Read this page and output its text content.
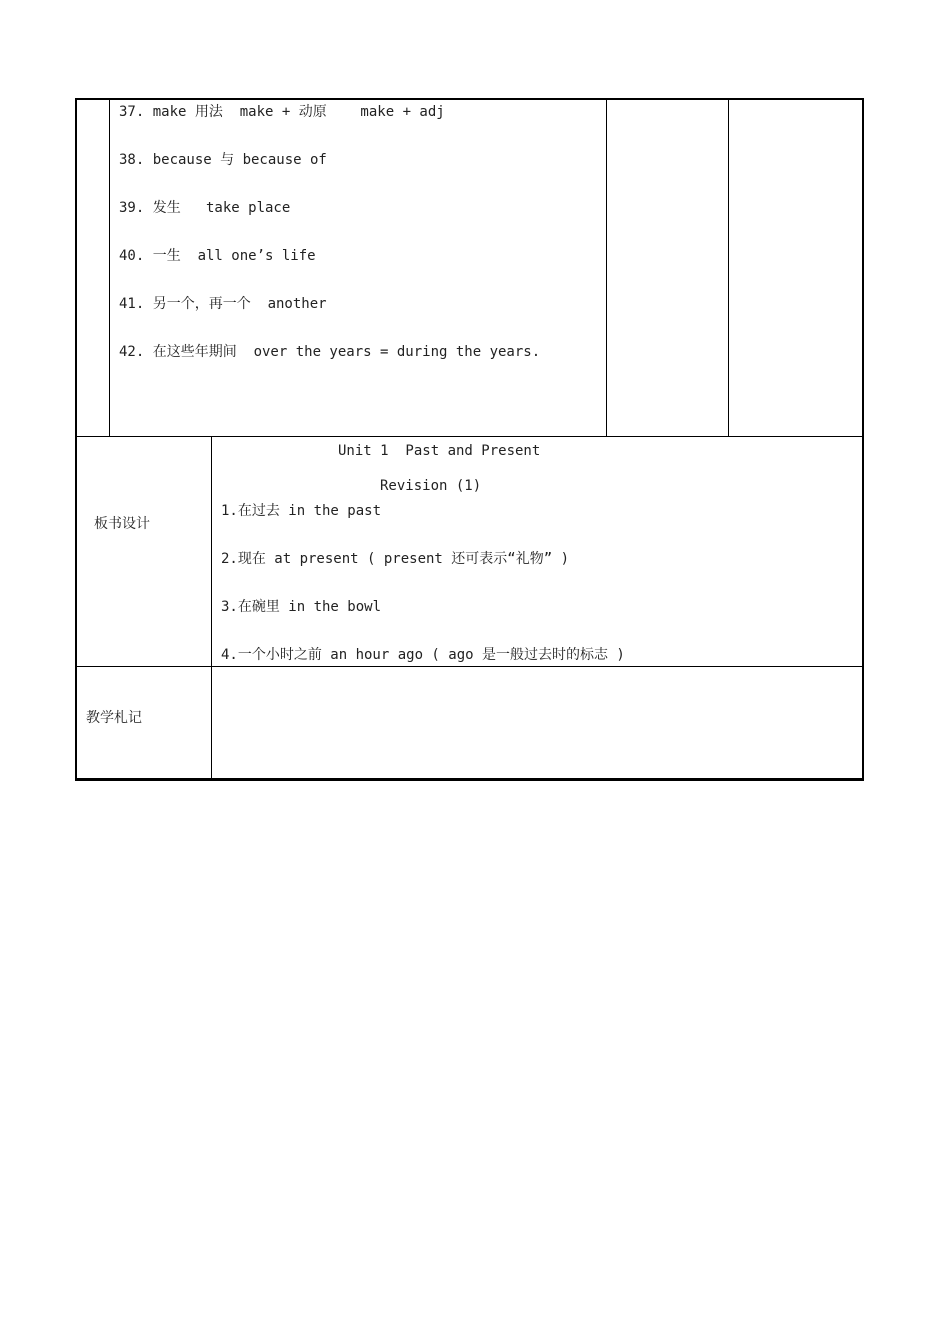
37. make 用法  make + 动原    make + adj
38. because 与 because of
39. 发生   take place
40. 一生  all one’s life
41. 另一个，再一个  another
42. 在这些年期间  over the years = during the years.
板书设计
Unit 1  Past and Present
Revision (1)
1.在过去 in the past
2.现在 at present ( present 还可表示“礼物” )
3.在碗里 in the bowl
4.一个小时之前 an hour ago ( ago 是一般过去时的标志 )
教学札记
